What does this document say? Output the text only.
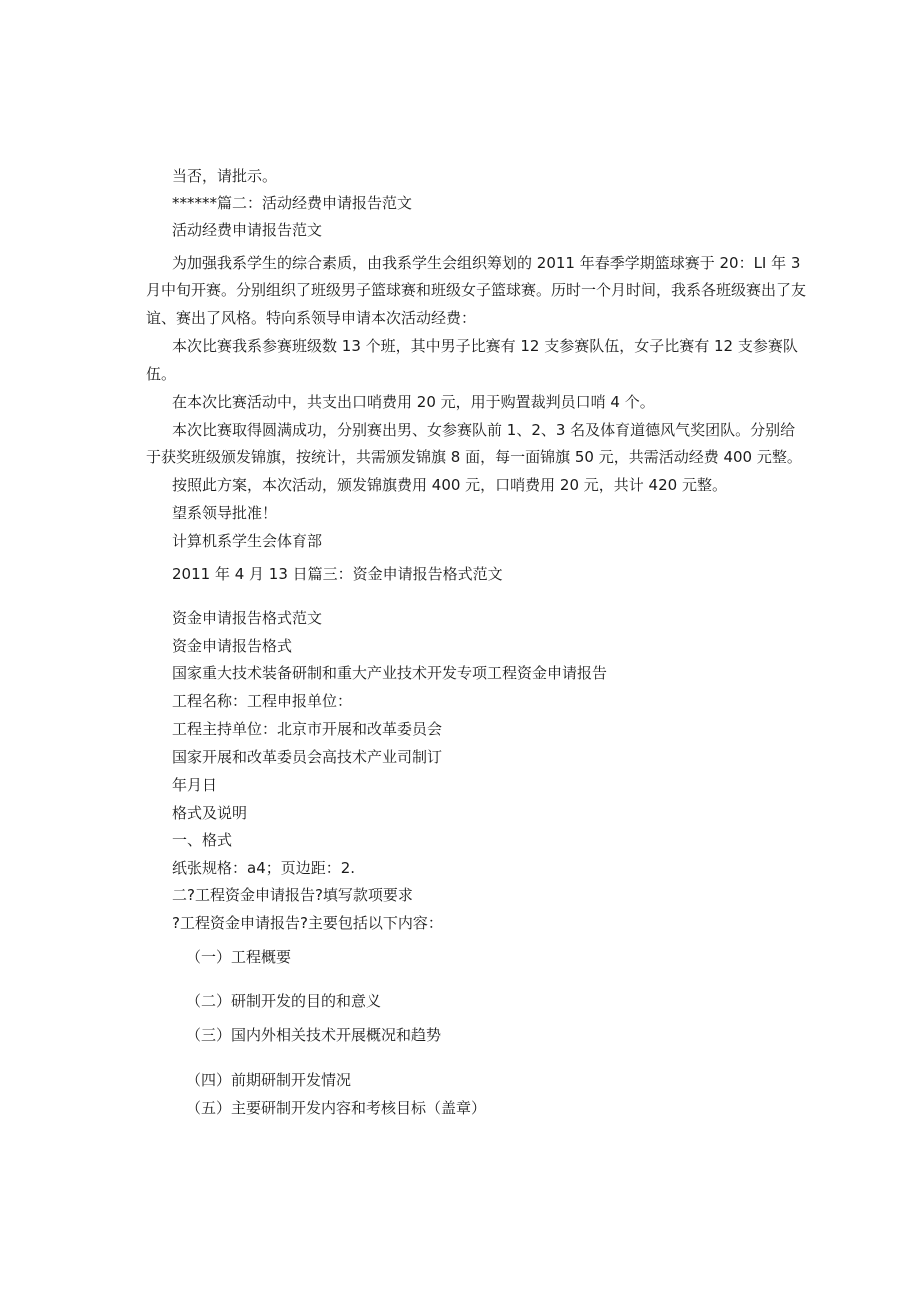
当否，请批示。
******篇二：活动经费申请报告范文
活动经费申请报告范文
为加强我系学生的综合素质，由我系学生会组织筹划的 2011 年春季学期篮球赛于 20：LI 年 3
月中旬开赛。分别组织了班级男子篮球赛和班级女子篮球赛。历时一个月时间，我系各班级赛出了友
谊、赛出了风格。特向系领导申请本次活动经费：
本次比赛我系参赛班级数 13 个班，其中男子比赛有 12 支参赛队伍，女子比赛有 12 支参赛队
伍。
在本次比赛活动中，共支出口哨费用 20 元，用于购置裁判员口哨 4 个。
本次比赛取得圆满成功，分别赛出男、女参赛队前 1、2、3 名及体育道德风气奖团队。分别给
于获奖班级颁发锦旗，按统计，共需颁发锦旗 8 面，每一面锦旗 50 元，共需活动经费 400 元整。
按照此方案，本次活动，颁发锦旗费用 400 元，口哨费用 20 元，共计 420 元整。
望系领导批准！
计算机系学生会体育部
2011 年 4 月 13 日篇三：资金申请报告格式范文
资金申请报告格式范文
资金申请报告格式
国家重大技术装备研制和重大产业技术开发专项工程资金申请报告
工程名称：工程申报单位：
工程主持单位：北京市开展和改革委员会
国家开展和改革委员会高技术产业司制订
年月日
格式及说明
一、格式
纸张规格：a4；页边距：2.
二?工程资金申请报告?填写款项要求
?工程资金申请报告?主要包括以下内容：
（一）工程概要
（二）研制开发的目的和意义
（三）国内外相关技术开展概况和趋势
（四）前期研制开发情况
（五）主要研制开发内容和考核目标（盖章）
